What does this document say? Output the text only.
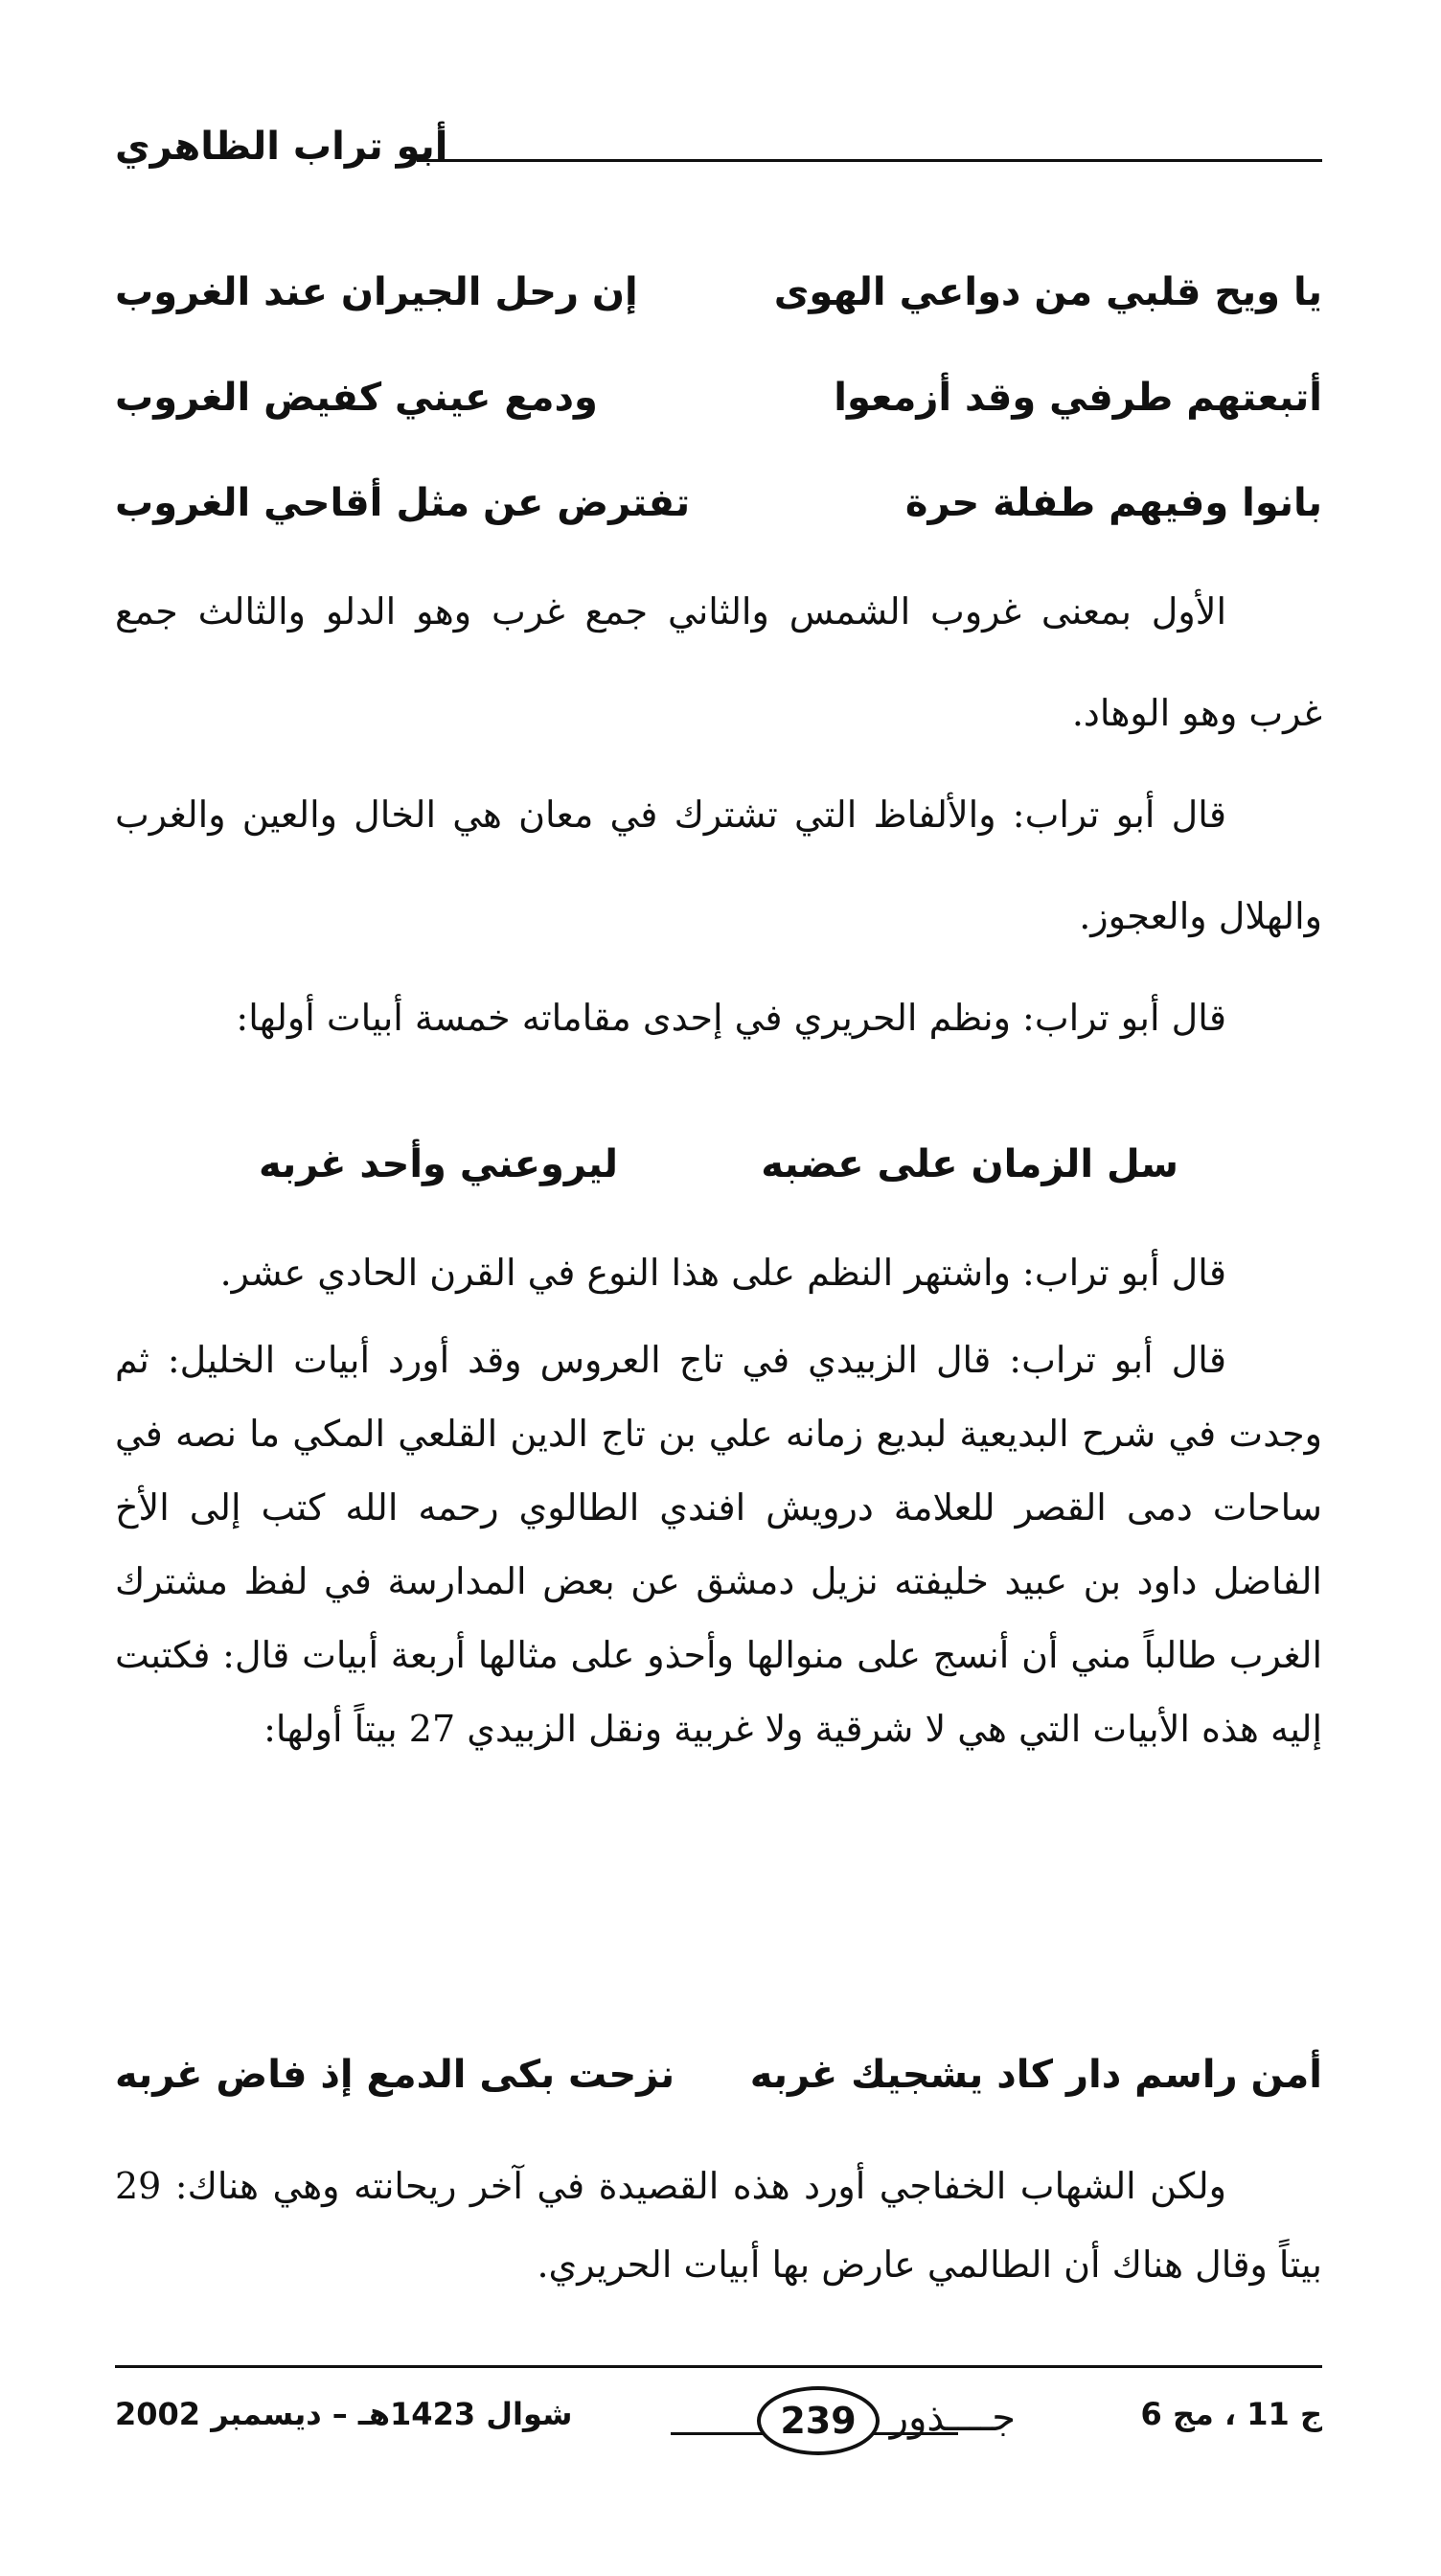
أبو تراب الظاهري
يا ويح قلبي من دواعي الهوى
إن رحل الجيران عند الغروب
أتبعتهم طرفي وقد أزمعوا
ودمع عيني كفيض الغروب
بانوا وفيهم طفلة حرة
تفترض عن مثل أقاحي الغروب

الأول بمعنى غروب الشمس والثاني جمع غرب وهو الدلو والثالث جمع غرب وهو الوهاد.

قال أبو تراب: والألفاظ التي تشترك في معان هي الخال والعين والغرب والهلال والعجوز.

قال أبو تراب: ونظم الحريري في إحدى مقاماته خمسة أبيات أولها:

سل الزمان على عضبه
ليروعني وأحد غربه

قال أبو تراب: واشتهر النظم على هذا النوع في القرن الحادي عشر.

قال أبو تراب: قال الزبيدي في تاج العروس وقد أورد أبيات الخليل: ثم وجدت في شرح البديعية لبديع زمانه علي بن تاج الدين القلعي المكي ما نصه في ساحات دمى القصر للعلامة درويش افندي الطالوي رحمه الله كتب إلى الأخ الفاضل داود بن عبيد خليفته نزيل دمشق عن بعض المدارسة في لفظ مشترك الغرب طالباً مني أن أنسج على منوالها وأحذو على مثالها أربعة أبيات قال: فكتبت إليه هذه الأبيات التي هي لا شرقية ولا غربية ونقل الزبيدي 27 بيتاً أولها:

أمن راسم دار كاد يشجيك غربه
نزحت بكى الدمع إذ فاض غربه

ولكن الشهاب الخفاجي أورد هذه القصيدة في آخر ريحانته وهي هناك: 29 بيتاً وقال هناك أن الطالمي عارض بها أبيات الحريري.

ج 11 ، مج 6
جــــذور
239
شوال 1423هـ – ديسمبر 2002
